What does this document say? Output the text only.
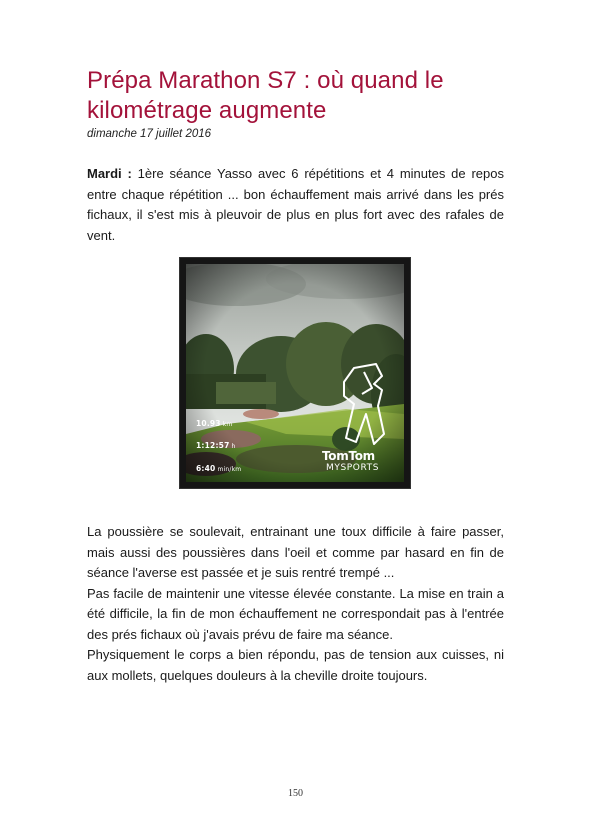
Prépa Marathon S7 : où quand le kilométrage augmente
dimanche 17 juillet 2016

Mardi : 1ère séance Yasso avec 6 répétitions et 4 minutes de repos entre chaque répétition ... bon échauffement mais arrivé dans les prés fichaux, il s'est mis à pleuvoir de plus en plus fort avec des rafales de vent.

10.93 km
1:12:57 h
6:40 min/km
TomTom
MYSPORTS

La poussière se soulevait, entrainant une toux difficile à faire passer, mais aussi des poussières dans l'oeil et comme par hasard en fin de séance l'averse est passée et je suis rentré trempé ...

Pas facile de maintenir une vitesse élevée constante. La mise en train a été difficile, la fin de mon échauffement ne correspondait pas à l'entrée des prés fichaux où j'avais prévu de faire ma séance.

Physiquement le corps a bien répondu, pas de tension aux cuisses, ni aux mollets, quelques douleurs à la cheville droite toujours.

150
